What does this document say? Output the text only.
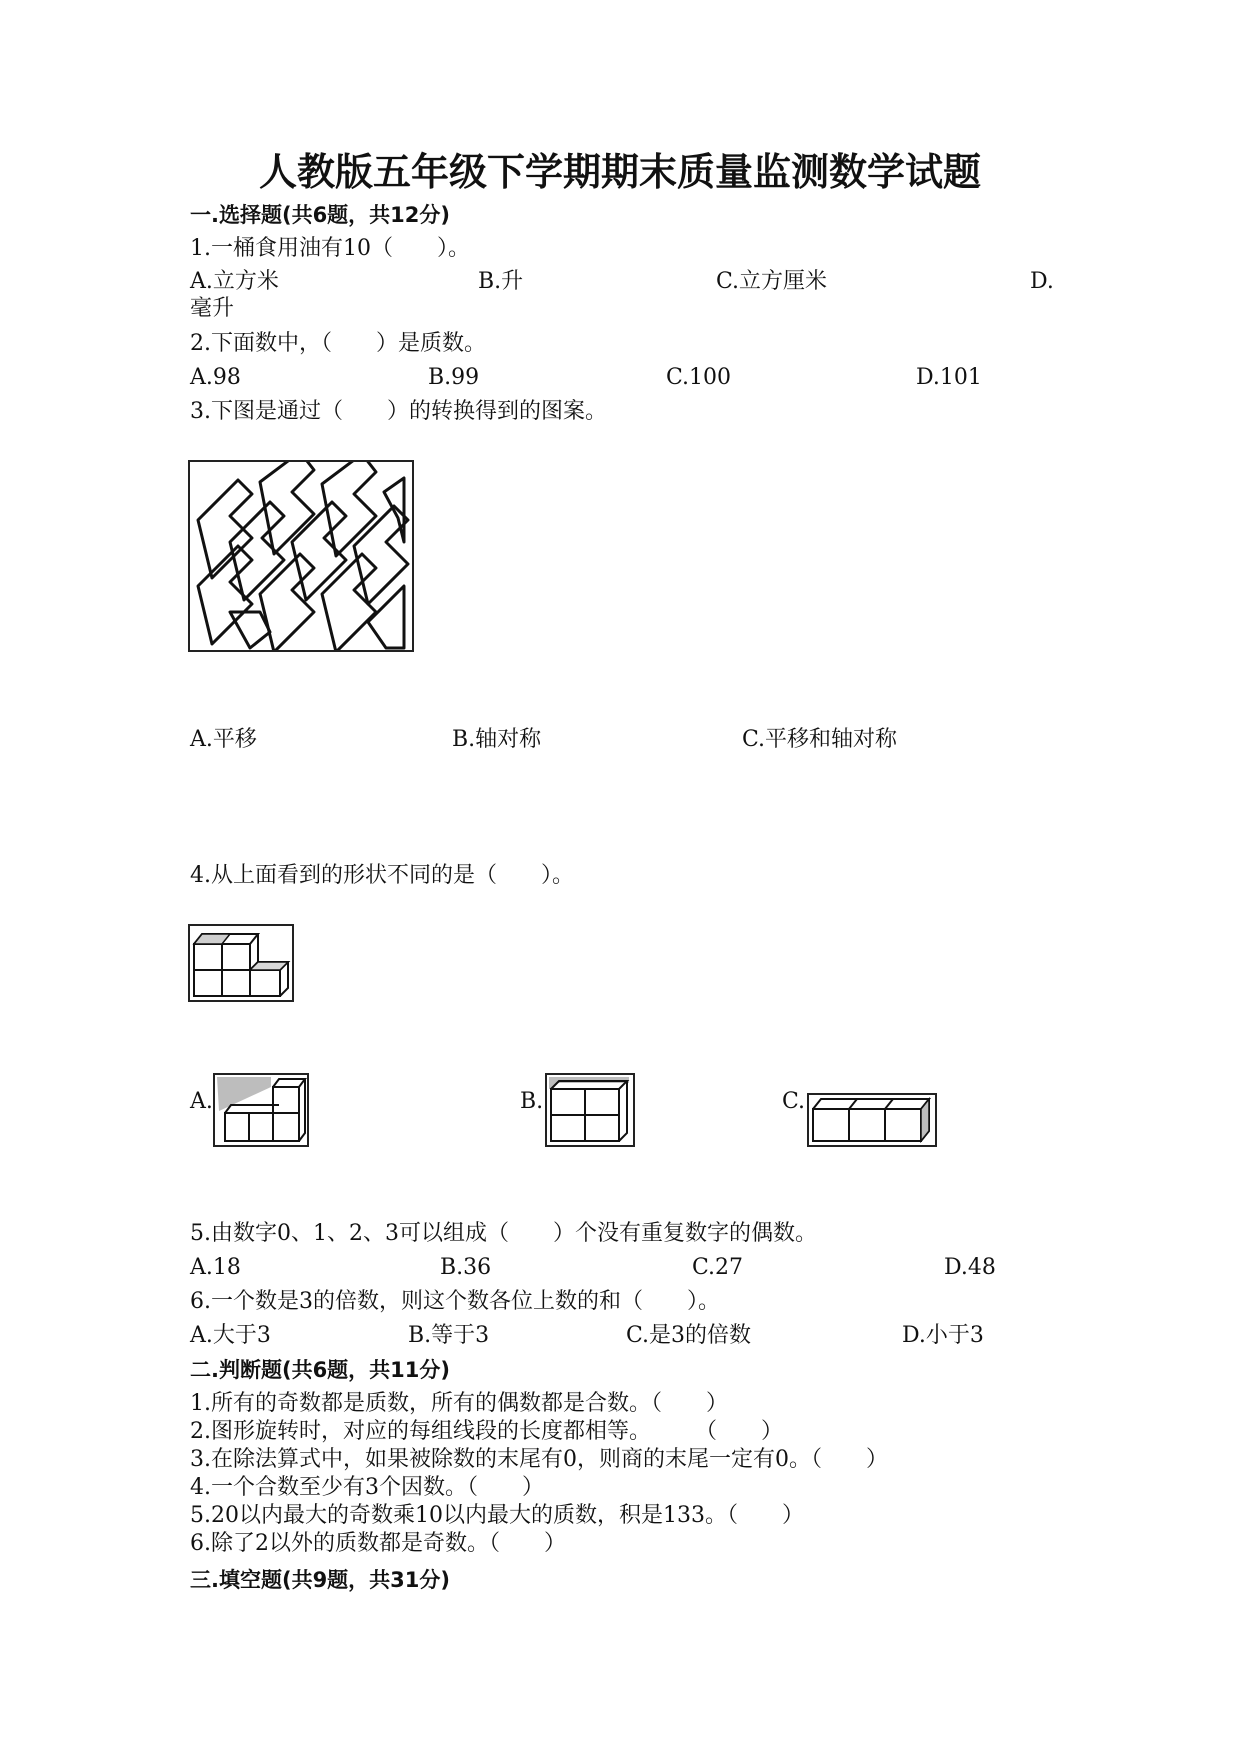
人教版五年级下学期期末质量监测数学试题
一.选择题(共6题，共12分)
1.一桶食用油有10（　　）。
A.立方米	B.升	C.立方厘米	D.
毫升
2.下面数中，（　　）是质数。
A.98	B.99	C.100	D.101
3.下图是通过（　　）的转换得到的图案。
A.平移	B.轴对称	C.平移和轴对称
4.从上面看到的形状不同的是（　　）。
A.	B.	C.
5.由数字0、1、2、3可以组成（　　）个没有重复数字的偶数。
A.18	B.36	C.27	D.48
6.一个数是3的倍数，则这个数各位上数的和（　　）。
A.大于3	B.等于3	C.是3的倍数	D.小于3
二.判断题(共6题，共11分)
1.所有的奇数都是质数，所有的偶数都是合数。（　　）
2.图形旋转时，对应的每组线段的长度都相等。　　　（　　）
3.在除法算式中，如果被除数的末尾有0，则商的末尾一定有0。（　　）
4.一个合数至少有3个因数。（　　）
5.20以内最大的奇数乘10以内最大的质数，积是133。（　　）
6.除了2以外的质数都是奇数。（　　）
三.填空题(共9题，共31分)
